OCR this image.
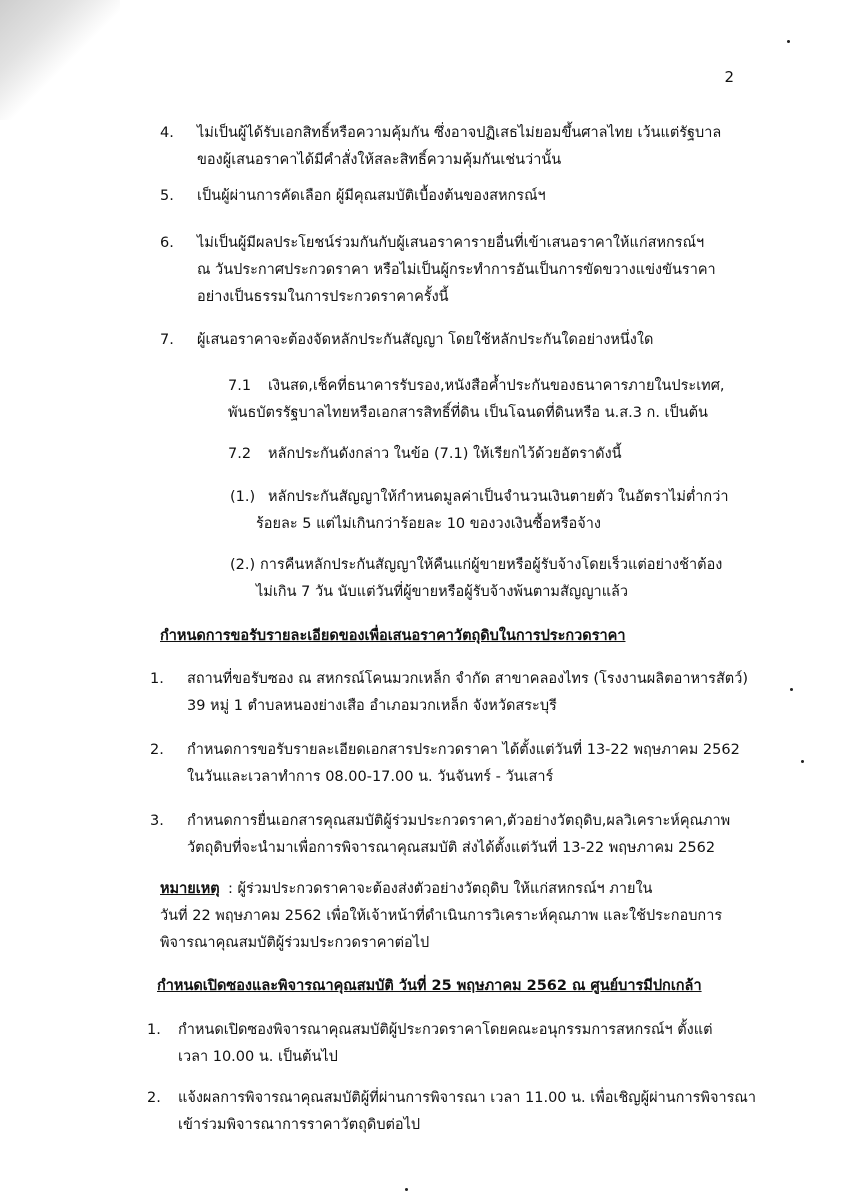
2
4. ไม่เป็นผู้ได้รับเอกสิทธิ์หรือความคุ้มกัน ซึ่งอาจปฏิเสธไม่ยอมขึ้นศาลไทย เว้นแต่รัฐบาล
ของผู้เสนอราคาได้มีคำสั่งให้สละสิทธิ์ความคุ้มกันเช่นว่านั้น
5. เป็นผู้ผ่านการคัดเลือก ผู้มีคุณสมบัติเบื้องต้นของสหกรณ์ฯ
6. ไม่เป็นผู้มีผลประโยชน์ร่วมกันกับผู้เสนอราคารายอื่นที่เข้าเสนอราคาให้แก่สหกรณ์ฯ
ณ วันประกาศประกวดราคา หรือไม่เป็นผู้กระทำการอันเป็นการขัดขวางแข่งขันราคา
อย่างเป็นธรรมในการประกวดราคาครั้งนี้
7. ผู้เสนอราคาจะต้องจัดหลักประกันสัญญา โดยใช้หลักประกันใดอย่างหนึ่งใด
7.1 เงินสด,เช็คที่ธนาคารรับรอง,หนังสือค้ำประกันของธนาคารภายในประเทศ,
พันธบัตรรัฐบาลไทยหรือเอกสารสิทธิ์ที่ดิน เป็นโฉนดที่ดินหรือ น.ส.3 ก. เป็นต้น
7.2 หลักประกันดังกล่าว ในข้อ (7.1) ให้เรียกไว้ด้วยอัตราดังนี้
(1.) หลักประกันสัญญาให้กำหนดมูลค่าเป็นจำนวนเงินตายตัว ในอัตราไม่ต่ำกว่า
ร้อยละ 5 แต่ไม่เกินกว่าร้อยละ 10 ของวงเงินซื้อหรือจ้าง
(2.) การคืนหลักประกันสัญญาให้คืนแก่ผู้ขายหรือผู้รับจ้างโดยเร็วแต่อย่างช้าต้อง
ไม่เกิน 7 วัน นับแต่วันที่ผู้ขายหรือผู้รับจ้างพ้นตามสัญญาแล้ว
กำหนดการขอรับรายละเอียดของเพื่อเสนอราคาวัตถุดิบในการประกวดราคา
1. สถานที่ขอรับซอง ณ สหกรณ์โคนมวกเหล็ก จำกัด สาขาคลองไทร (โรงงานผลิตอาหารสัตว์)
39 หมู่ 1 ตำบลหนองย่างเสือ อำเภอมวกเหล็ก จังหวัดสระบุรี
2. กำหนดการขอรับรายละเอียดเอกสารประกวดราคา ได้ตั้งแต่วันที่ 13-22 พฤษภาคม 2562
ในวันและเวลาทำการ 08.00-17.00 น. วันจันทร์ - วันเสาร์
3. กำหนดการยื่นเอกสารคุณสมบัติผู้ร่วมประกวดราคา,ตัวอย่างวัตถุดิบ,ผลวิเคราะห์คุณภาพ
วัตถุดิบที่จะนำมาเพื่อการพิจารณาคุณสมบัติ ส่งได้ตั้งแต่วันที่ 13-22 พฤษภาคม 2562
หมายเหตุ : ผู้ร่วมประกวดราคาจะต้องส่งตัวอย่างวัตถุดิบ ให้แก่สหกรณ์ฯ ภายใน
วันที่ 22 พฤษภาคม 2562 เพื่อให้เจ้าหน้าที่ดำเนินการวิเคราะห์คุณภาพ และใช้ประกอบการ
พิจารณาคุณสมบัติผู้ร่วมประกวดราคาต่อไป
กำหนดเปิดซองและพิจารณาคุณสมบัติ วันที่ 25 พฤษภาคม 2562 ณ ศูนย์บารมีปกเกล้า
1. กำหนดเปิดซองพิจารณาคุณสมบัติผู้ประกวดราคาโดยคณะอนุกรรมการสหกรณ์ฯ ตั้งแต่
เวลา 10.00 น. เป็นต้นไป
2. แจ้งผลการพิจารณาคุณสมบัติผู้ที่ผ่านการพิจารณา เวลา 11.00 น. เพื่อเชิญผู้ผ่านการพิจารณา
เข้าร่วมพิจารณาการราคาวัตถุดิบต่อไป
